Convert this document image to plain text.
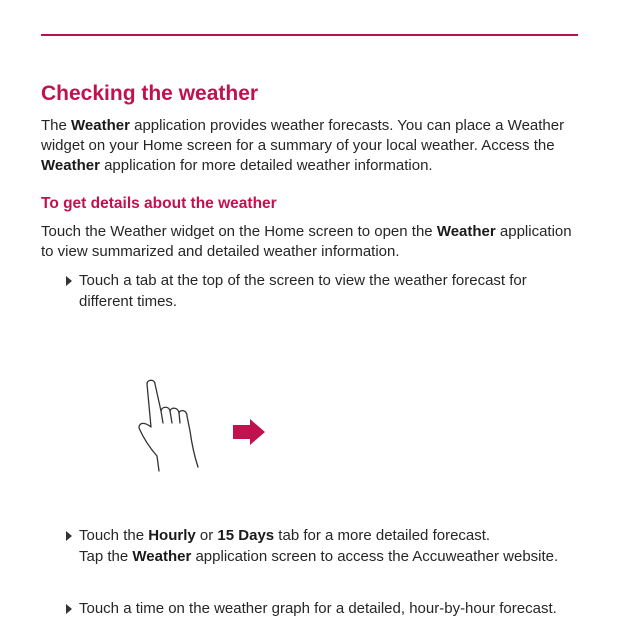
Checking the weather

The Weather application provides weather forecasts. You can place a Weather widget on your Home screen for a summary of your local weather. Access the Weather application for more detailed weather information.

To get details about the weather

Touch the Weather widget on the Home screen to open the Weather application to view summarized and detailed weather information.

Touch a tab at the top of the screen to view the weather forecast for different times.
Touch the Hourly or 15 Days tab for a more detailed forecast.
Tap the Weather application screen to access the Accuweather website.
Touch a time on the weather graph for a detailed, hour-by-hour forecast.
